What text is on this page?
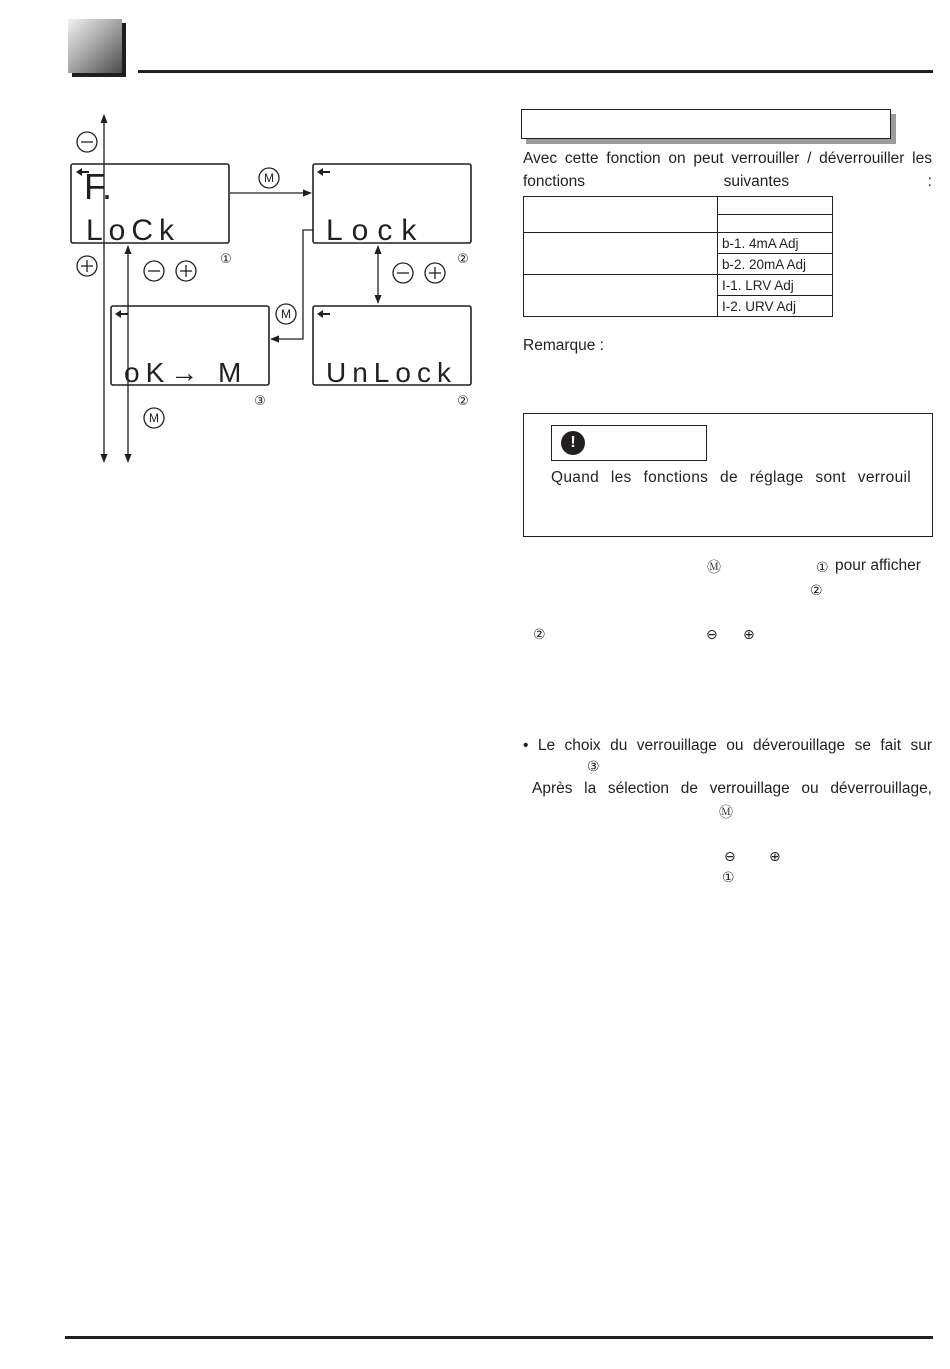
F.
LoCk	Lock
oK→ M	UnLock
M
M
M
①	②
③	②

Avec cette fonction on peut verrouiller / déverrouiller les fonctions suivantes :

	b-1. 4mA Adj
	b-2. 20mA Adj
	I-1. LRV Adj
	I-2. URV Adj
Remarque :
!
Quand les fonctions de réglage sont verrouil
Ⓜ	① pour afficher
②
②	⊖ ⊕

• Le choix du verrouillage ou déverouillage se fait sur

③

Après la sélection de verrouillage ou déverrouillage,

Ⓜ
⊖ ⊕
①
